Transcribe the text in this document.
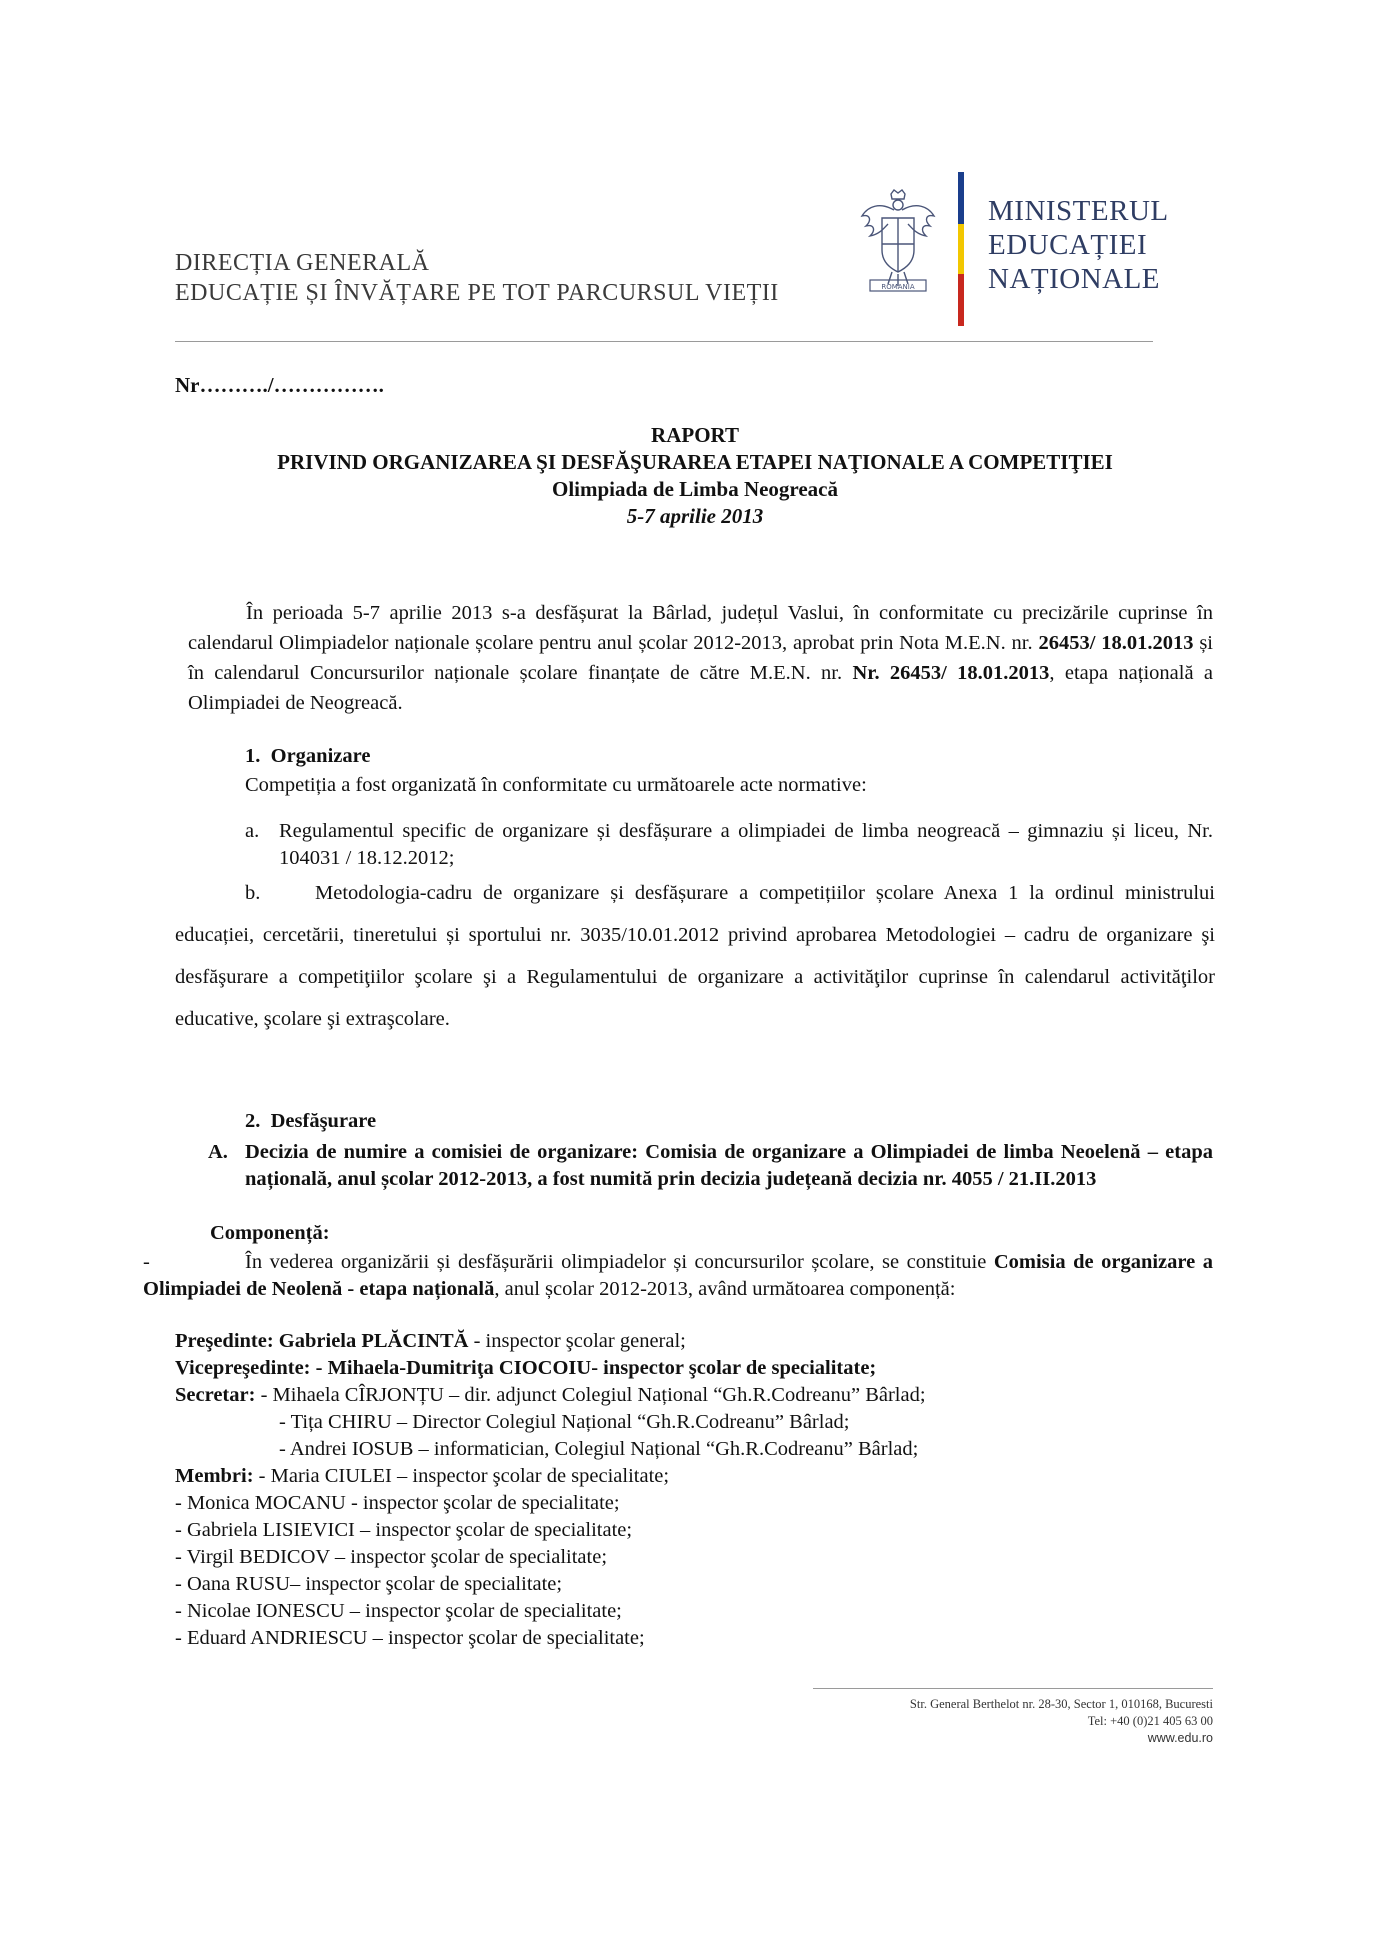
DIRECȚIA GENERALĂ
EDUCAȚIE ȘI ÎNVĂȚARE PE TOT PARCURSUL VIEȚII	ROMANIA
MINISTERUL
EDUCAȚIEI
NAȚIONALE
Nr………./…………….
RAPORT
PRIVIND ORGANIZAREA ŞI DESFĂŞURAREA ETAPEI NAŢIONALE A COMPETIŢIEI
Olimpiada de Limba Neogreacă
5-7 aprilie 2013
În perioada 5-7 aprilie 2013 s-a desfășurat la Bârlad, județul Vaslui, în conformitate cu precizările cuprinse în calendarul Olimpiadelor naționale școlare pentru anul școlar 2012-2013, aprobat prin Nota M.E.N. nr. 26453/ 18.01.2013 și în calendarul Concursurilor naționale școlare finanțate de către M.E.N. nr. Nr. 26453/ 18.01.2013, etapa națională a Olimpiadei de Neogreacă.
1. Organizare
Competiția a fost organizată în conformitate cu următoarele acte normative:
a. Regulamentul specific de organizare și desfășurare a olimpiadei de limba neogreacă – gimnaziu și liceu, Nr. 104031 / 18.12.2012;
b.	Metodologia-cadru de organizare și desfășurare a competițiilor școlare Anexa 1 la ordinul ministrului educației, cercetării, tineretului și sportului nr. 3035/10.01.2012 privind aprobarea Metodologiei – cadru de organizare şi desfăşurare a competiţiilor şcolare şi a Regulamentului de organizare a activităţilor cuprinse în calendarul activităţilor educative, şcolare şi extraşcolare.
2. Desfăşurare
A. Decizia de numire a comisiei de organizare: Comisia de organizare a Olimpiadei de limba Neoelenă – etapa națională, anul școlar 2012-2013, a fost numită prin decizia județeană decizia nr. 4055 / 21.II.2013
Componență:
-	În vederea organizării și desfășurării olimpiadelor și concursurilor școlare, se constituie Comisia de organizare a Olimpiadei de Neolenă - etapa națională, anul școlar 2012-2013, având următoarea componență:
Preşedinte: Gabriela PLĂCINTĂ - inspector şcolar general;
Vicepreşedinte: - Mihaela-Dumitriţa CIOCOIU- inspector şcolar de specialitate;
Secretar: - Mihaela CÎRJONȚU – dir. adjunct Colegiul Național “Gh.R.Codreanu” Bârlad;
- Tița CHIRU – Director Colegiul Național “Gh.R.Codreanu” Bârlad;
- Andrei IOSUB – informatician, Colegiul Național “Gh.R.Codreanu” Bârlad;
Membri: - Maria CIULEI – inspector şcolar de specialitate;
- Monica MOCANU - inspector şcolar de specialitate;
- Gabriela LISIEVICI – inspector şcolar de specialitate;
- Virgil BEDICOV – inspector şcolar de specialitate;
- Oana RUSU– inspector şcolar de specialitate;
- Nicolae IONESCU – inspector şcolar de specialitate;
- Eduard ANDRIESCU – inspector şcolar de specialitate;
Str. General Berthelot nr. 28-30, Sector 1, 010168, Bucuresti
Tel: +40 (0)21 405 63 00
www.edu.ro
